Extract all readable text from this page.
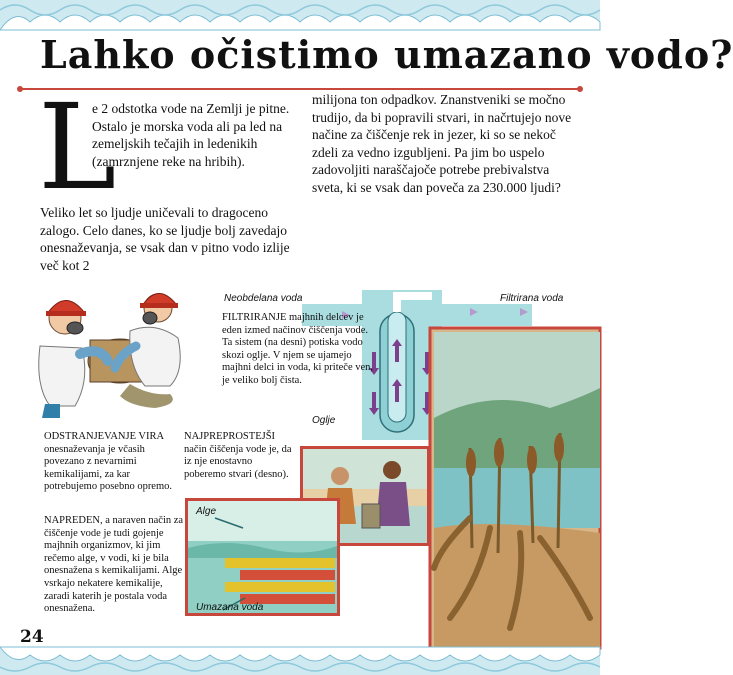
Lahko očistimo umazano vodo?
L
e 2 odstotka vode na Zemlji je pitne. Ostalo je morska voda ali pa led na zemeljskih tečajih in ledenikih (zamrznjene reke na hribih).
Veliko let so ljudje uničevali to dragoceno zalogo. Celo danes, ko se ljudje bolj zavedajo onesnaževanja, se vsak dan v pitno vodo izlije več kot 2
milijona ton odpadkov. Znanstveniki se močno trudijo, da bi popravili stvari, in načrtujejo nove načine za čiščenje rek in jezer, ki so se nekoč zdeli za vedno izgubljeni. Pa jim bo uspelo zadovoljiti naraščajoče potrebe prebivalstva sveta, ki se vsak dan poveča za 230.000 ljudi?
Neobdelana voda	Filtrirana voda
Oglje
FILTRIRANJE majhnih delcev je eden izmed načinov čiščenja vode. Ta sistem (na desni) potiska vodo skozi oglje. V njem se ujamejo majhni delci in voda, ki priteče ven, je veliko bolj čista.
Alge
Umazana voda
ODSTRANJEVANJE VIRA onesnaževanja je včasih povezano z nevarnimi kemikalijami, za kar potrebujemo posebno opremo.
NAJPREPROSTEJŠI način čiščenja vode je, da iz nje enostavno poberemo stvari (desno).
NAPREDEN, a naraven način za čiščenje vode je tudi gojenje majhnih organizmov, ki jim rečemo alge, v vodi, ki je bila onesnažena s kemikalijami. Alge vsrkajo nekatere kemikalije, zaradi katerih je postala voda onesnažena.
24
